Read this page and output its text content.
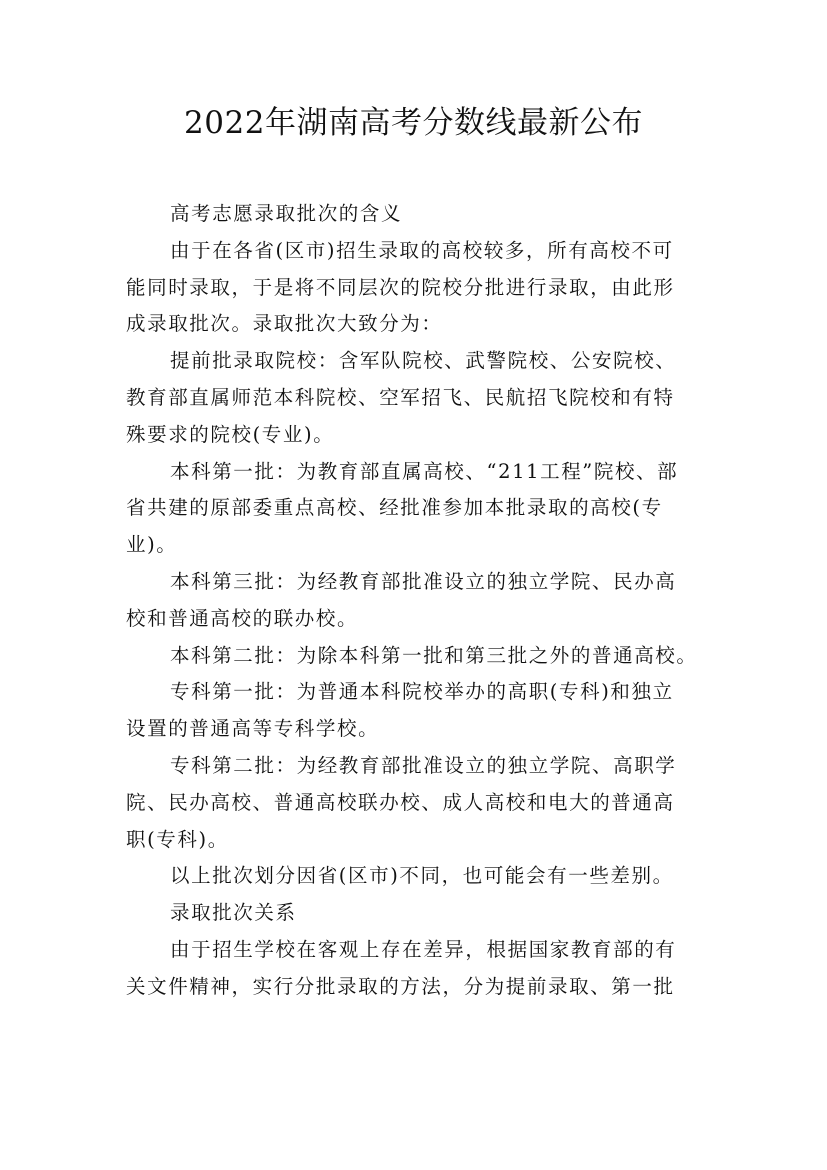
2022年湖南高考分数线最新公布
高考志愿录取批次的含义
由于在各省(区市)招生录取的高校较多，所有高校不可
能同时录取，于是将不同层次的院校分批进行录取，由此形
成录取批次。录取批次大致分为：
提前批录取院校：含军队院校、武警院校、公安院校、
教育部直属师范本科院校、空军招飞、民航招飞院校和有特
殊要求的院校(专业)。
本科第一批：为教育部直属高校、“211工程”院校、部
省共建的原部委重点高校、经批准参加本批录取的高校(专
业)。
本科第三批：为经教育部批准设立的独立学院、民办高
校和普通高校的联办校。
本科第二批：为除本科第一批和第三批之外的普通高校。
专科第一批：为普通本科院校举办的高职(专科)和独立
设置的普通高等专科学校。
专科第二批：为经教育部批准设立的独立学院、高职学
院、民办高校、普通高校联办校、成人高校和电大的普通高
职(专科)。
以上批次划分因省(区市)不同，也可能会有一些差别。
录取批次关系
由于招生学校在客观上存在差异，根据国家教育部的有
关文件精神，实行分批录取的方法，分为提前录取、第一批
